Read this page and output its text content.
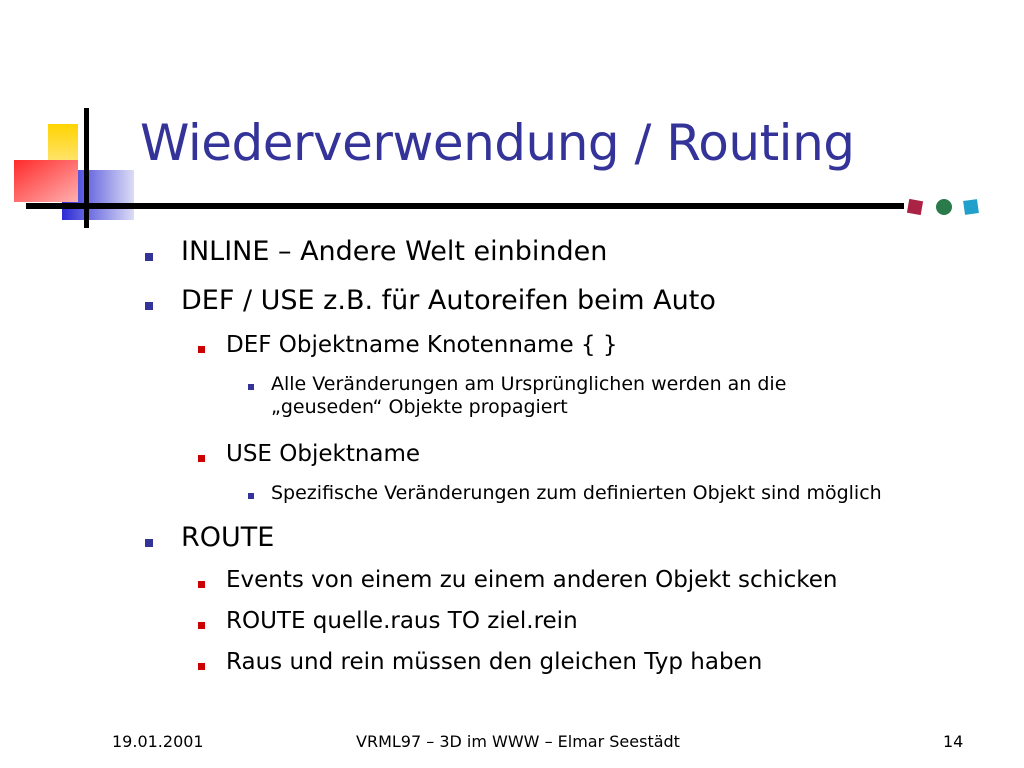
Wiederverwendung / Routing
INLINE – Andere Welt einbinden
DEF / USE z.B. für Autoreifen beim Auto
DEF Objektname Knotenname { }
Alle Veränderungen am Ursprünglichen werden an die
„geuseden“ Objekte propagiert
USE Objektname
Spezifische Veränderungen zum definierten Objekt sind möglich
ROUTE
Events von einem zu einem anderen Objekt schicken
ROUTE quelle.raus TO ziel.rein
Raus und rein müssen den gleichen Typ haben
19.01.2001	VRML97 – 3D im WWW – Elmar Seestädt	14
